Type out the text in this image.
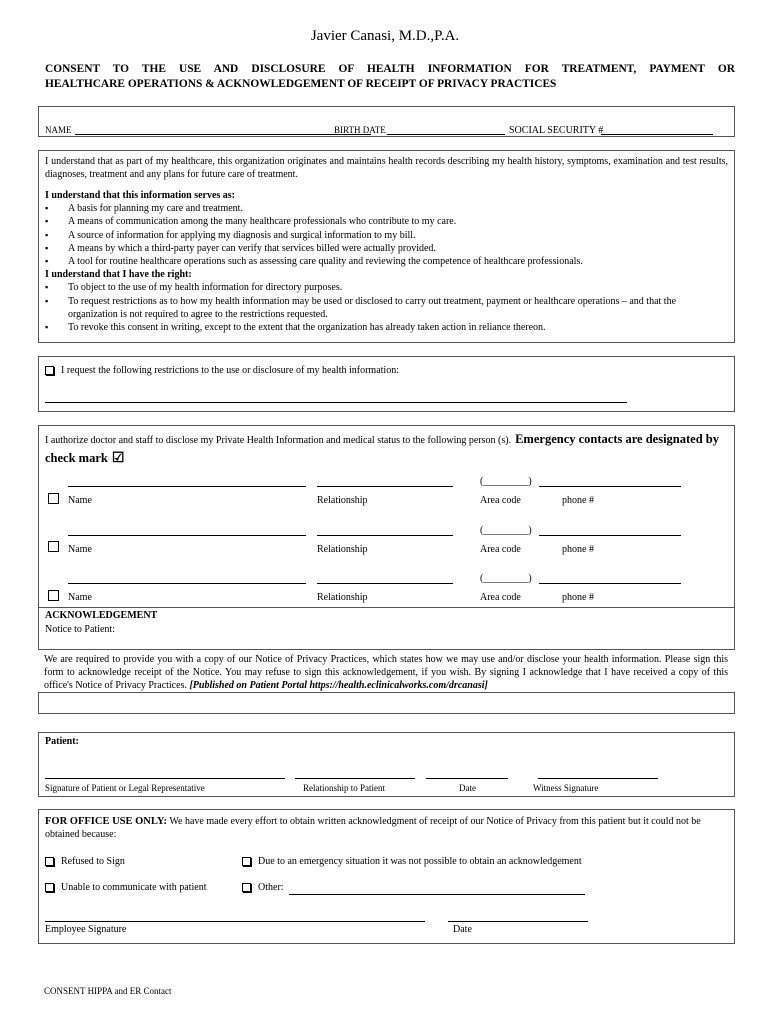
Javier Canasi, M.D.,P.A.
CONSENT TO THE USE AND DISCLOSURE OF HEALTH INFORMATION FOR TREATMENT, PAYMENT OR
HEALTHCARE OPERATIONS & ACKNOWLEDGEMENT OF RECEIPT OF PRIVACY PRACTICES
NAME	BIRTH DATE	SOCIAL SECURITY #
I understand that as part of my healthcare, this organization originates and maintains health records describing my health history, symptoms, examination and test results, diagnoses, treatment and any plans for future care of treatment.
I understand that this information serves as:
▪ A basis for planning my care and treatment.
▪ A means of communication among the many healthcare professionals who contribute to my care.
▪ A source of information for applying my diagnosis and surgical information to my bill.
▪ A means by which a third-party payer can verify that services billed were actually provided.
▪ A tool for routine healthcare operations such as assessing care quality and reviewing the competence of healthcare professionals.
I understand that I have the right:
▪ To object to the use of my health information for directory purposes.
▪ To request restrictions as to how my health information may be used or disclosed to carry out treatment, payment or healthcare operations – and that the organization is not required to agree to the restrictions requested.
▪ To revoke this consent in writing, except to the extent that the organization has already taken action in reliance thereon.
I request the following restrictions to the use or disclosure of my health information:
I authorize doctor and staff to disclose my Private Health Information and medical status to the following person (s). Emergency contacts are designated by check mark ☑
(_________)
Name	Relationship	Area code	phone #
(_________)
Name	Relationship	Area code	phone #
(_________)
Name	Relationship	Area code	phone #
ACKNOWLEDGEMENT
Notice to Patient:
We are required to provide you with a copy of our Notice of Privacy Practices, which states how we may use and/or disclose your health information. Please sign this form to acknowledge receipt of the Notice. You may refuse to sign this acknowledgement, if you wish. By signing I acknowledge that I have received a copy of this office's Notice of Privacy Practices. [Published on Patient Portal https://health.eclinicalworks.com/drcanasi]
Patient:
Signature of Patient or Legal Representative	Relationship to Patient	Date	Witness Signature
FOR OFFICE USE ONLY: We have made every effort to obtain written acknowledgment of receipt of our Notice of Privacy from this patient but it could not be obtained because:
Refused to Sign	Due to an emergency situation it was not possible to obtain an acknowledgement
Unable to communicate with patient	Other:
Employee Signature	Date
CONSENT HIPPA and ER Contact
